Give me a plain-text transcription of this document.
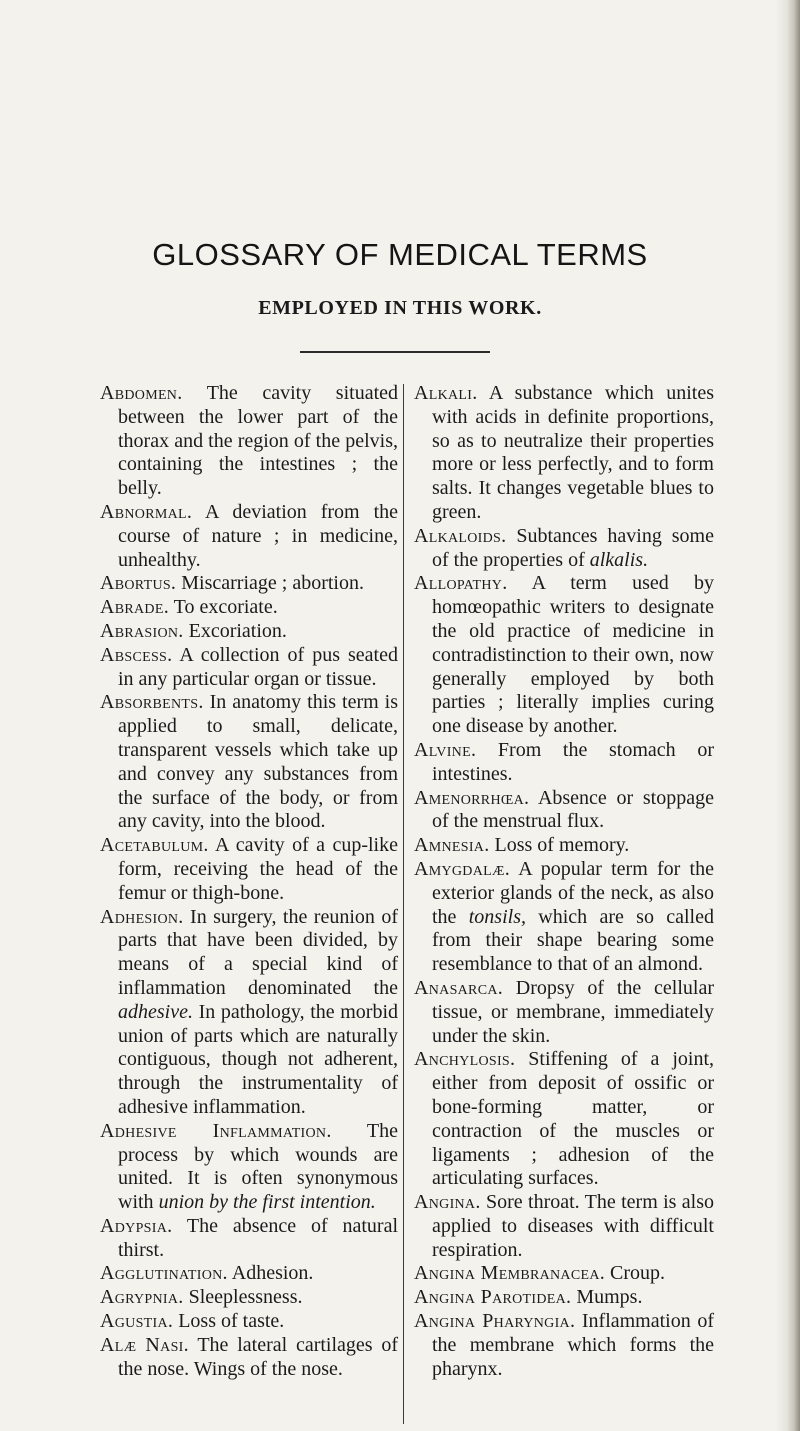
GLOSSARY OF MEDICAL TERMS
EMPLOYED IN THIS WORK.

Abdomen. The cavity situated between the lower part of the thorax and the region of the pelvis, containing the intestines ; the belly.

Abnormal. A deviation from the course of nature ; in medicine, unhealthy.

Abortus. Miscarriage ; abortion.

Abrade. To excoriate.

Abrasion. Excoriation.

Abscess. A collection of pus seated in any particular organ or tissue.

Absorbents. In anatomy this term is applied to small, delicate, transparent vessels which take up and convey any substances from the surface of the body, or from any cavity, into the blood.

Acetabulum. A cavity of a cup-like form, receiving the head of the femur or thigh-bone.

Adhesion. In surgery, the reunion of parts that have been divided, by means of a special kind of inflammation denominated the adhesive. In pathology, the morbid union of parts which are naturally contiguous, though not adherent, through the instrumentality of adhesive inflammation.

Adhesive Inflammation. The process by which wounds are united. It is often synonymous with union by the first intention.

Adypsia. The absence of natural thirst.

Agglutination. Adhesion.

Agrypnia. Sleeplessness.

Agustia. Loss of taste.

Alæ Nasi. The lateral cartilages of the nose. Wings of the nose.

Alkali. A substance which unites with acids in definite proportions, so as to neutralize their properties more or less perfectly, and to form salts. It changes vegetable blues to green.

Alkaloids. Subtances having some of the properties of alkalis.

Allopathy. A term used by homœopathic writers to designate the old practice of medicine in contradistinction to their own, now generally employed by both parties ; literally implies curing one disease by another.

Alvine. From the stomach or intestines.

Amenorrhœa. Absence or stoppage of the menstrual flux.

Amnesia. Loss of memory.

Amygdalæ. A popular term for the exterior glands of the neck, as also the tonsils, which are so called from their shape bearing some resemblance to that of an almond.

Anasarca. Dropsy of the cellular tissue, or membrane, immediately under the skin.

Anchylosis. Stiffening of a joint, either from deposit of ossific or bone-forming matter, or contraction of the muscles or ligaments ; adhesion of the articulating surfaces.

Angina. Sore throat. The term is also applied to diseases with difficult respiration.

Angina Membranacea. Croup.

Angina Parotidea. Mumps.

Angina Pharyngia. Inflammation of the membrane which forms the pharynx.
